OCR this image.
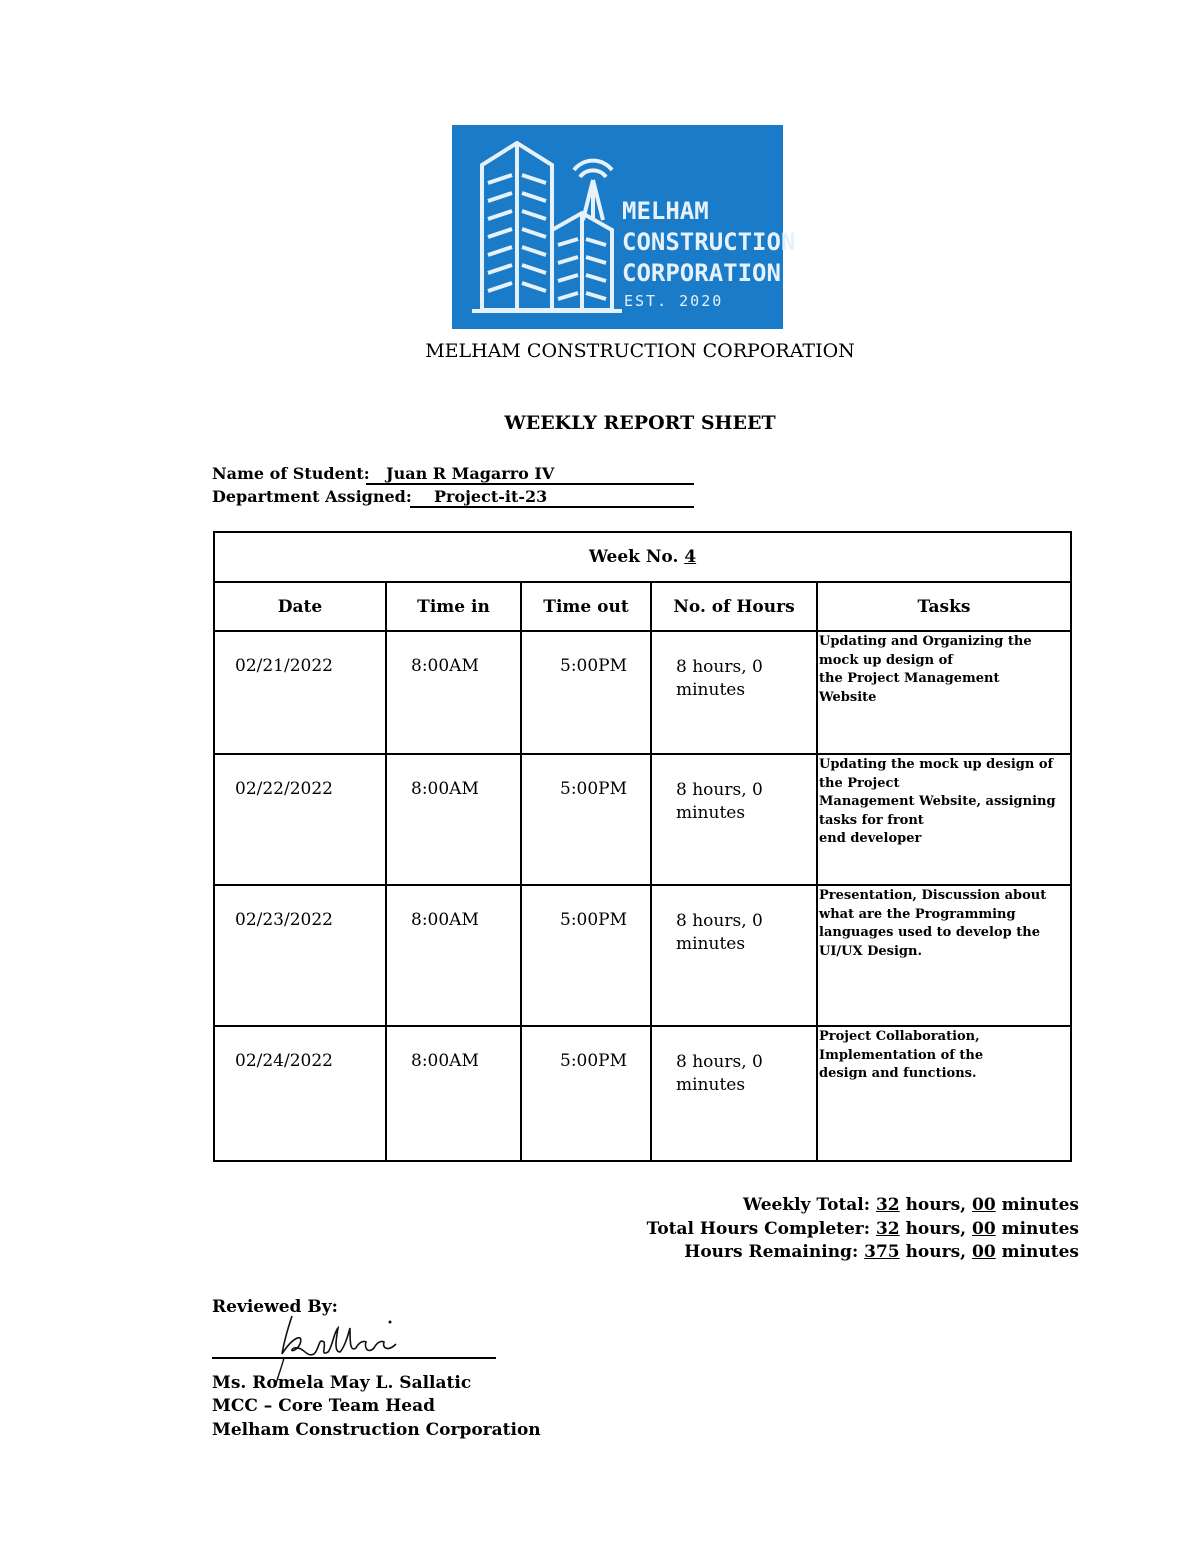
MELHAM
CONSTRUCTION
CORPORATION
EST. 2020
MELHAM CONSTRUCTION CORPORATION
WEEKLY REPORT SHEET
Name of Student: Juan R Magarro IV
Department Assigned: Project-it-23
Week No. 4				
Date	Time in	Time out	No. of Hours	Tasks

02/21/2022	8:00AM	5:00PM	8 hours, 0 minutes	Updating and Organizing the
mock up design of
the Project Management
Website

02/22/2022	8:00AM	5:00PM	8 hours, 0 minutes	Updating the mock up design of
the Project
Management Website, assigning
tasks for front
end developer

02/23/2022	8:00AM	5:00PM	8 hours, 0 minutes	Presentation, Discussion about
what are the Programming
languages used to develop the
UI/UX Design.

02/24/2022	8:00AM	5:00PM	8 hours, 0 minutes	Project Collaboration,
Implementation of the
design and functions.
Weekly Total: 32 hours, 00 minutes
Total Hours Completer: 32 hours, 00 minutes
Hours Remaining: 375 hours, 00 minutes
Reviewed By:
Ms. Romela May L. Sallatic
MCC – Core Team Head
Melham Construction Corporation
